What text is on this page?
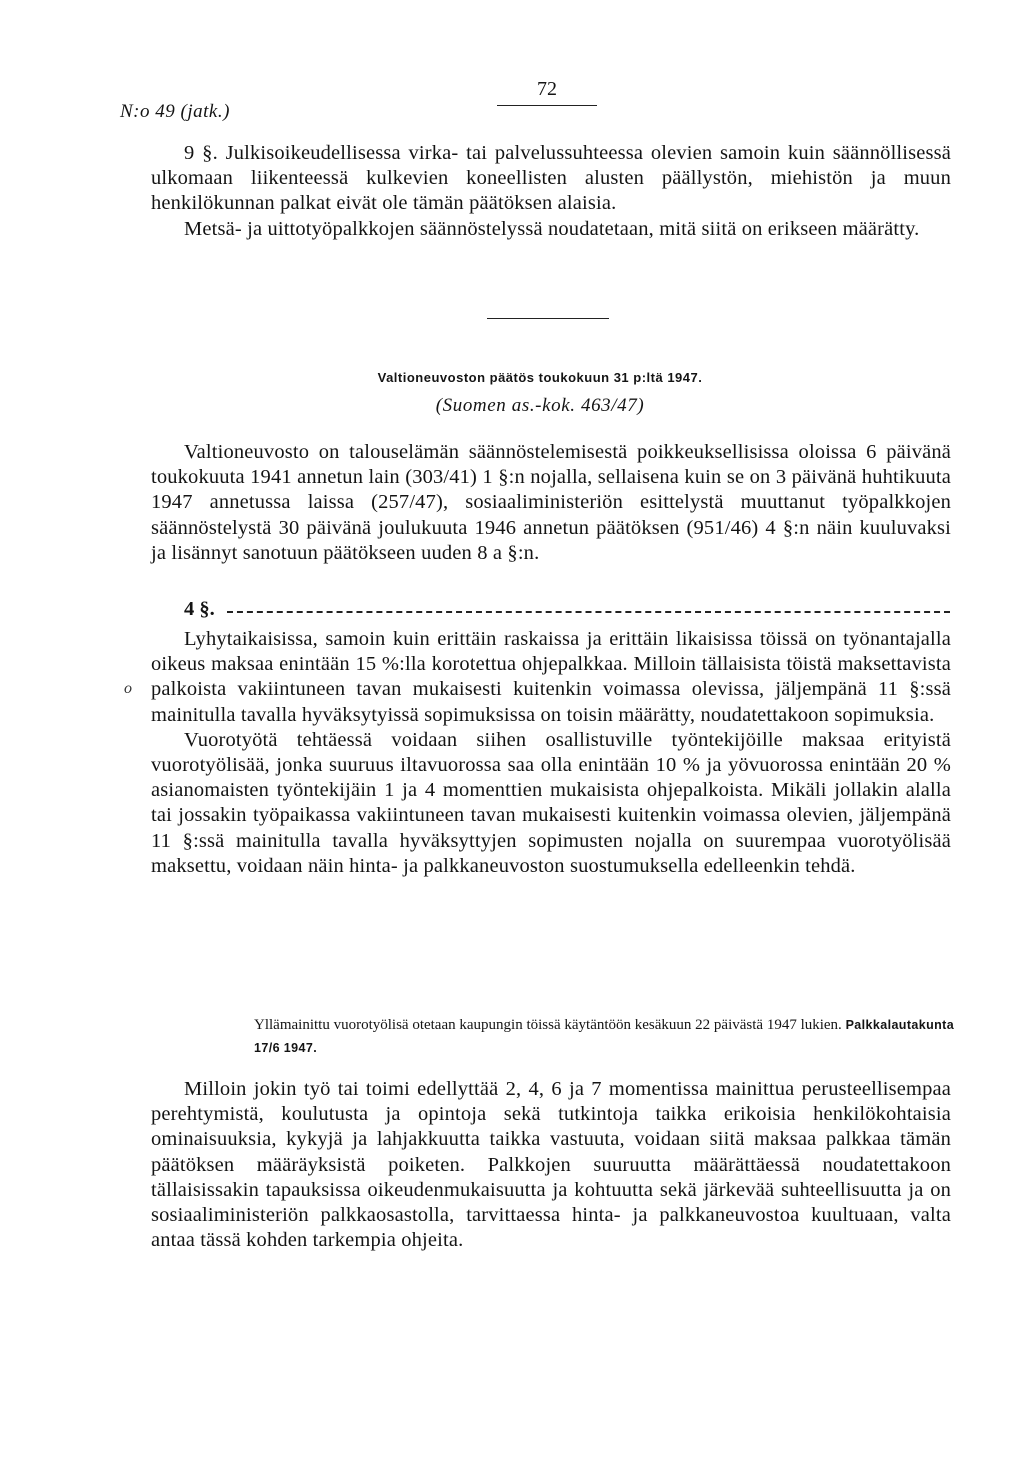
N:o 49 (jatk.)
72

9 §. Julkisoikeudellisessa virka- tai palvelussuhteessa olevien samoin kuin säännöllisessä ulkomaan liikenteessä kulkevien koneellisten alusten päällystön, miehistön ja muun henkilökunnan palkat eivät ole tämän päätöksen alaisia.

Metsä- ja uittotyöpalkkojen säännöstelyssä noudatetaan, mitä siitä on erikseen määrätty.

Valtioneuvoston päätös toukokuun 31 p:ltä 1947.
(Suomen as.-kok. 463/47)

Valtioneuvosto on talouselämän säännöstelemisestä poikkeuksellisissa oloissa 6 päivänä toukokuuta 1941 annetun lain (303/41) 1 §:n nojalla, sellaisena kuin se on 3 päivänä huhtikuuta 1947 annetussa laissa (257/47), sosiaaliministeriön esittelystä muuttanut työpalkkojen säännöstelystä 30 päivänä joulukuuta 1946 annetun päätöksen (951/46) 4 §:n näin kuuluvaksi ja lisännyt sanotuun päätökseen uuden 8 a §:n.

4 §.
o

Lyhytaikaisissa, samoin kuin erittäin raskaissa ja erittäin likaisissa töissä on työnantajalla oikeus maksaa enintään 15 %:lla korotettua ohjepalkkaa. Milloin tällaisista töistä maksettavista palkoista vakiintuneen tavan mukaisesti kuitenkin voimassa olevissa, jäljempänä 11 §:ssä mainitulla tavalla hyväksytyissä sopimuksissa on toisin määrätty, noudatettakoon sopimuksia.

Vuorotyötä tehtäessä voidaan siihen osallistuville työntekijöille maksaa erityistä vuorotyölisää, jonka suuruus iltavuorossa saa olla enintään 10 % ja yövuorossa enintään 20 % asianomaisten työntekijäin 1 ja 4 momenttien mukaisista ohjepalkoista. Mikäli jollakin alalla tai jossakin työpaikassa vakiintuneen tavan mukaisesti kuitenkin voimassa olevien, jäljempänä 11 §:ssä mainitulla tavalla hyväksyttyjen sopimusten nojalla on suurempaa vuorotyölisää maksettu, voidaan näin hinta- ja palkkaneuvoston suostumuksella edelleenkin tehdä.

Yllämainittu vuorotyölisä otetaan kaupungin töissä käytäntöön kesäkuun 22 päivästä 1947 lukien. Palkkalautakunta 17/6 1947.

Milloin jokin työ tai toimi edellyttää 2, 4, 6 ja 7 momentissa mainittua perusteellisempaa perehtymistä, koulutusta ja opintoja sekä tutkintoja taikka erikoisia henkilökohtaisia ominaisuuksia, kykyjä ja lahjakkuutta taikka vastuuta, voidaan siitä maksaa palkkaa tämän päätöksen määräyksistä poiketen. Palkkojen suuruutta määrättäessä noudatettakoon tällaisissakin tapauksissa oikeudenmukaisuutta ja kohtuutta sekä järkevää suhteellisuutta ja on sosiaaliministeriön palkkaosastolla, tarvittaessa hinta- ja palkkaneuvostoa kuultuaan, valta antaa tässä kohden tarkempia ohjeita.
